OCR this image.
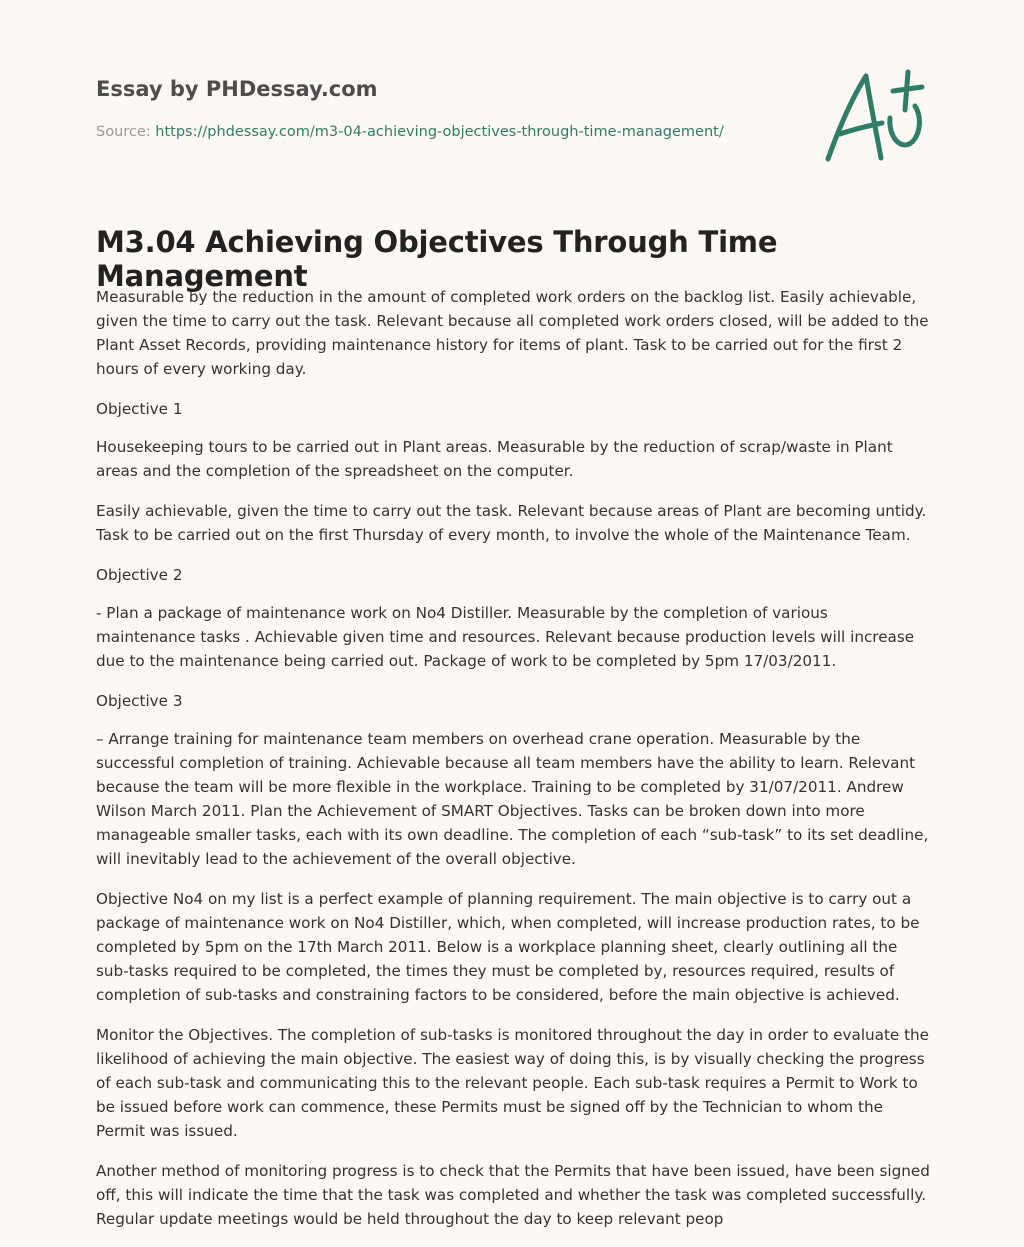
Essay by PHDessay.com
Source: https://phdessay.com/m3-04-achieving-objectives-through-time-management/
M3.04 Achieving Objectives Through Time Management

Measurable by the reduction in the amount of completed work orders on the backlog list. Easily achievable, given the time to carry out the task. Relevant because all completed work orders closed, will be added to the Plant Asset Records, providing maintenance history for items of plant. Task to be carried out for the first 2 hours of every working day.

Objective 1

Housekeeping tours to be carried out in Plant areas. Measurable by the reduction of scrap/waste in Plant areas and the completion of the spreadsheet on the computer.

Easily achievable, given the time to carry out the task. Relevant because areas of Plant are becoming untidy. Task to be carried out on the first Thursday of every month, to involve the whole of the Maintenance Team.

Objective 2

- Plan a package of maintenance work on No4 Distiller. Measurable by the completion of various maintenance tasks . Achievable given time and resources. Relevant because production levels will increase due to the maintenance being carried out. Package of work to be completed by 5pm 17/03/2011.

Objective 3

– Arrange training for maintenance team members on overhead crane operation. Measurable by the successful completion of training. Achievable because all team members have the ability to learn. Relevant because the team will be more flexible in the workplace. Training to be completed by 31/07/2011. Andrew Wilson March 2011. Plan the Achievement of SMART Objectives. Tasks can be broken down into more manageable smaller tasks, each with its own deadline. The completion of each “sub-task” to its set deadline, will inevitably lead to the achievement of the overall objective.

Objective No4 on my list is a perfect example of planning requirement. The main objective is to carry out a package of maintenance work on No4 Distiller, which, when completed, will increase production rates, to be completed by 5pm on the 17th March 2011. Below is a workplace planning sheet, clearly outlining all the sub-tasks required to be completed, the times they must be completed by, resources required, results of completion of sub-tasks and constraining factors to be considered, before the main objective is achieved.

Monitor the Objectives. The completion of sub-tasks is monitored throughout the day in order to evaluate the likelihood of achieving the main objective. The easiest way of doing this, is by visually checking the progress of each sub-task and communicating this to the relevant people. Each sub-task requires a Permit to Work to be issued before work can commence, these Permits must be signed off by the Technician to whom the Permit was issued.

Another method of monitoring progress is to check that the Permits that have been issued, have been signed off, this will indicate the time that the task was completed and whether the task was completed successfully. Regular update meetings would be held throughout the day to keep relevant peop
